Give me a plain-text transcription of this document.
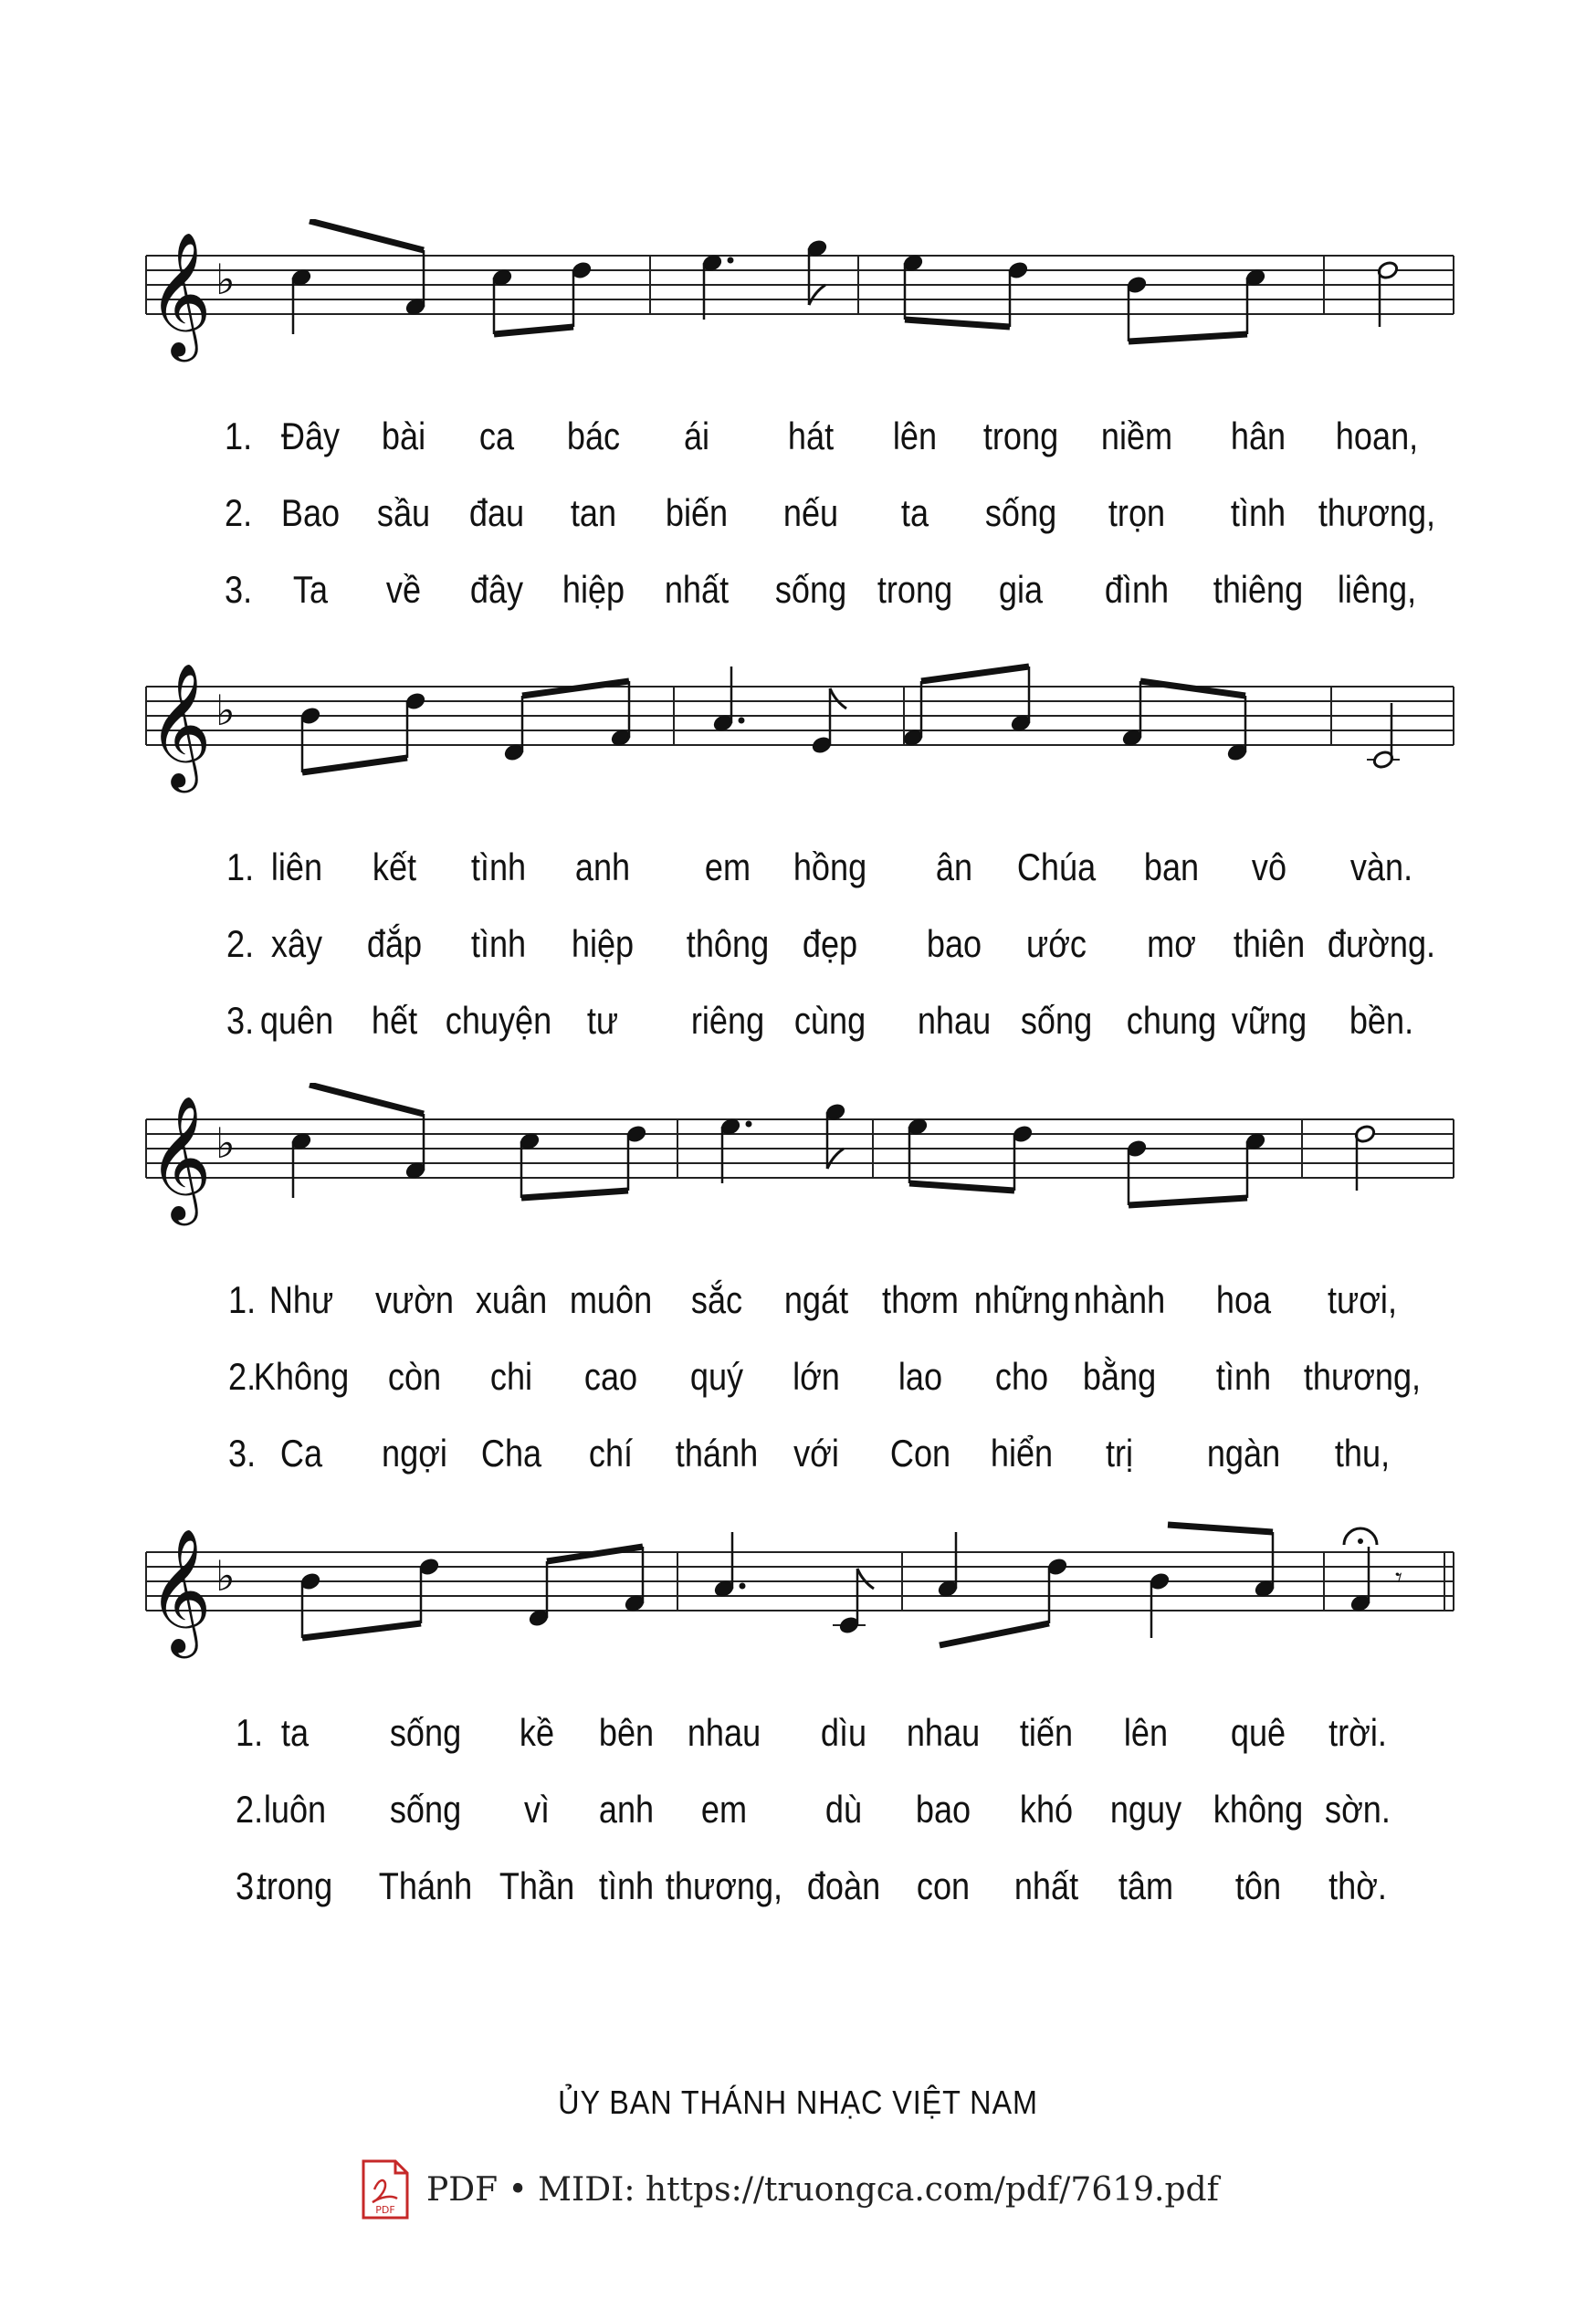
𝄞 ♭
1. Đây bài ca bác ái hát lên trong niềm hân hoan,
2. Bao sầu đau tan biến nếu ta sống trọn tình thương,
3. Ta về đây hiệp nhất sống trong gia đình thiêng liêng,
𝄞 ♭
1. liên kết tình anh em hồng ân Chúa ban vô vàn.
2. xây đắp tình hiệp thông đẹp bao ước mơ thiên đường.
3. quên hết chuyện tư riêng cùng nhau sống chung vững bền.
𝄞 ♭
1. Như vườn xuân muôn sắc ngát thơm những nhành hoa tươi,
2.
Không còn chi cao quý lớn lao cho bằng tình thương,
3. Ca ngợi Cha chí thánh với Con hiển trị ngàn thu,
𝄞 ♭	𝄾
1. ta sống kề bên nhau dìu nhau tiến lên quê trời.
2. luôn sống vì anh em dù bao khó nguy không sờn.
3.
trong Thánh Thần tình thương, đoàn con nhất tâm tôn thờ.
ỦY BAN THÁNH NHẠC VIỆT NAM
PDF
PDF • MIDI: https://truongca.com/pdf/7619.pdf
